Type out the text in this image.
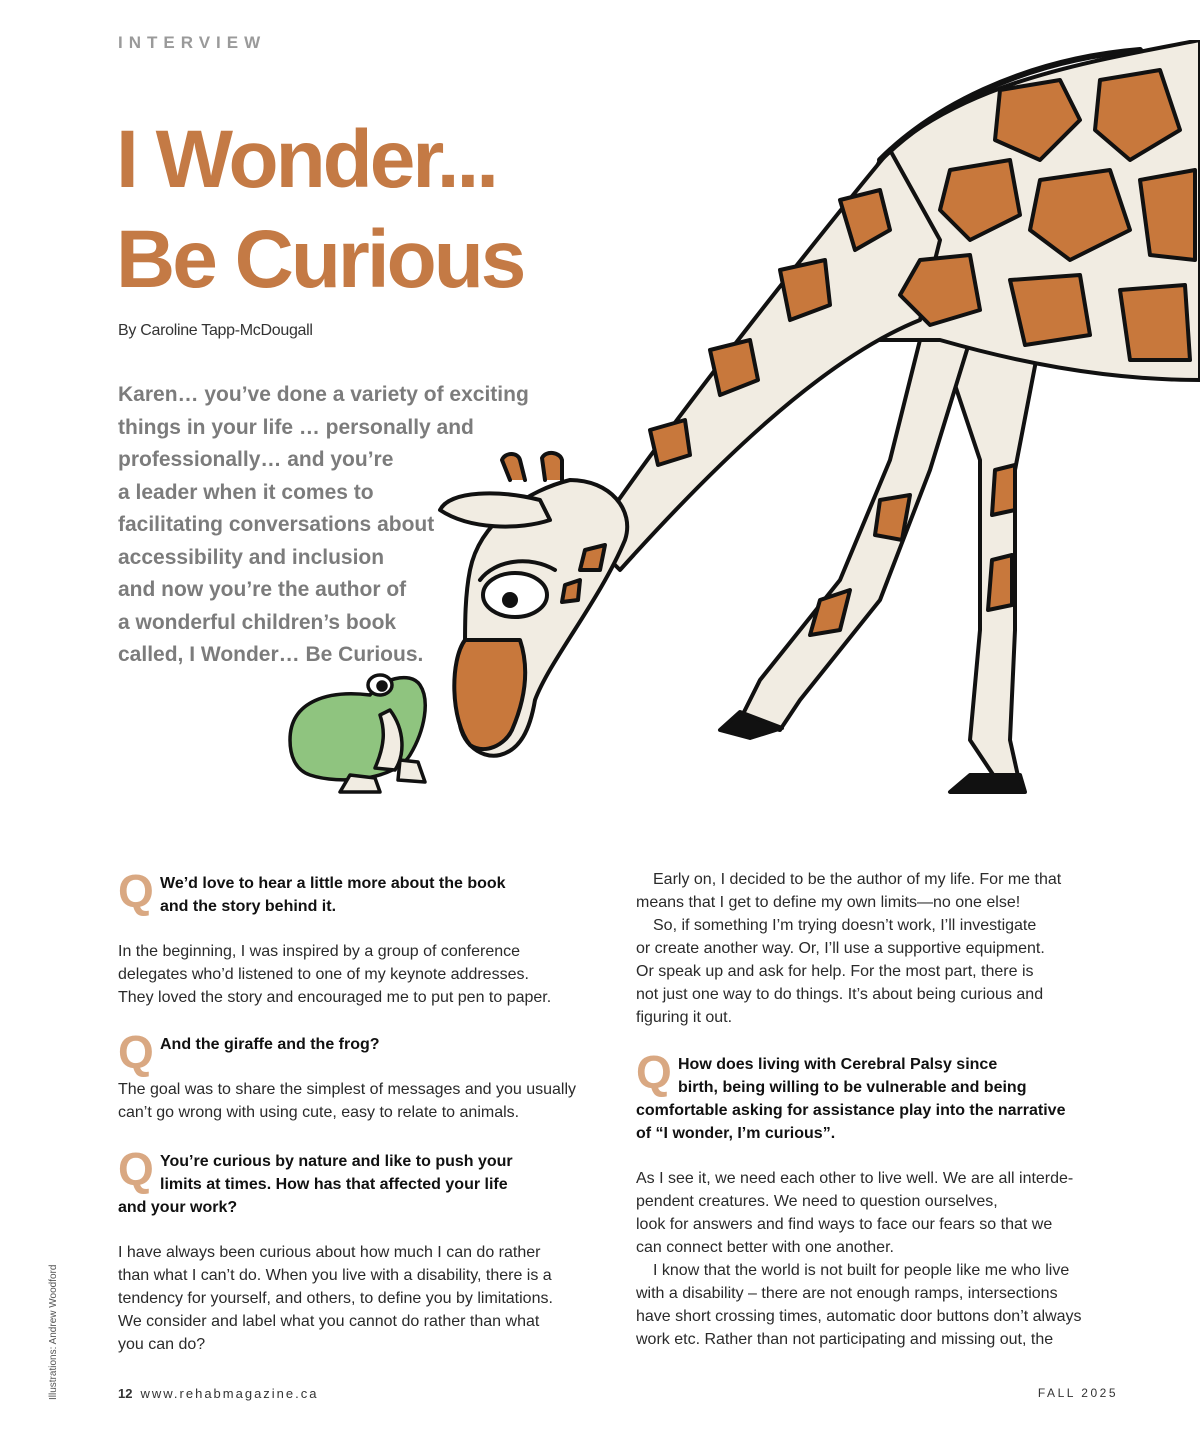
INTERVIEW
I Wonder...
Be Curious
By Caroline Tapp-McDougall
Karen… you’ve done a variety of exciting
things in your life … personally and
professionally… and you’re
a leader when it comes to
facilitating conversations about
accessibility and inclusion
and now you’re the author of
a wonderful children’s book
called, I Wonder… Be Curious.
Q We’d love to hear a little more about the book
and the story behind it.
In the beginning, I was inspired by a group of conference
delegates who’d listened to one of my keynote addresses.
They loved the story and encouraged me to put pen to paper.
Q And the giraffe and the frog?
The goal was to share the simplest of messages and you usually
can’t go wrong with using cute, easy to relate to animals.
Q You’re curious by nature and like to push your
limits at times. How has that affected your life
and your work?
I have always been curious about how much I can do rather
than what I can’t do. When you live with a disability, there is a
tendency for yourself, and others, to define you by limitations.
We consider and label what you cannot do rather than what
you can do?
Early on, I decided to be the author of my life. For me that
means that I get to define my own limits—no one else!
So, if something I’m trying doesn’t work, I’ll investigate
or create another way. Or, I’ll use a supportive equipment.
Or speak up and ask for help. For the most part, there is
not just one way to do things. It’s about being curious and
figuring it out.
Q How does living with Cerebral Palsy since
birth, being willing to be vulnerable and being
comfortable asking for assistance play into the narrative
of “I wonder, I’m curious”.
As I see it, we need each other to live well. We are all interde-
pendent creatures. We need to question ourselves,
look for answers and find ways to face our fears so that we
can connect better with one another.
I know that the world is not built for people like me who live
with a disability – there are not enough ramps, intersections
have short crossing times, automatic door buttons don’t always
work etc. Rather than not participating and missing out, the
Illustrations: Andrew Woodford	12 www.rehabmagazine.ca	FALL 2025
